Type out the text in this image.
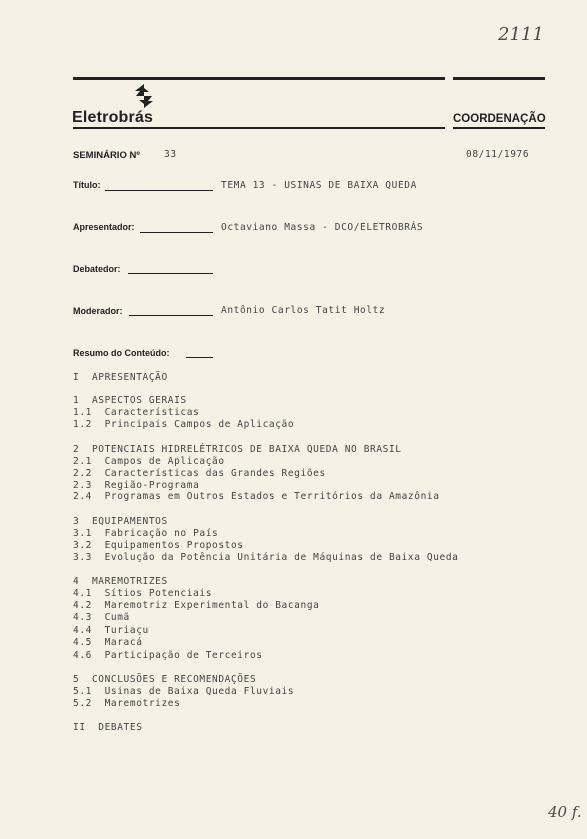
2111
Eletrobrás	COORDENAÇÃO
SEMINÁRIO Nº	33	08/11/1976
Título:	TEMA 13 - USINAS DE BAIXA QUEDA
Apresentador:	Octaviano Massa - DCO/ELETROBRÁS
Debatedor:
Moderador:	Antônio Carlos Tatit Holtz
Resumo do Conteúdo:
I  APRESENTAÇÃO
1  ASPECTOS GERAIS
1.1  Características
1.2  Principais Campos de Aplicação
2  POTENCIAIS HIDRELÉTRICOS DE BAIXA QUEDA NO BRASIL
2.1  Campos de Aplicação
2.2  Características das Grandes Regiões
2.3  Região-Programa
2.4  Programas em Outros Estados e Territórios da Amazônia
3  EQUIPAMENTOS
3.1  Fabricação no País
3.2  Equipamentos Propostos
3.3  Evolução da Potência Unitária de Máquinas de Baixa Queda
4  MAREMOTRIZES
4.1  Sítios Potenciais
4.2  Maremotriz Experimental do Bacanga
4.3  Cumã
4.4  Turiaçu
4.5  Maracá
4.6  Participação de Terceiros
5  CONCLUSÕES E RECOMENDAÇÕES
5.1  Usinas de Baixa Queda Fluviais
5.2  Maremotrizes
II  DEBATES
40 f.
